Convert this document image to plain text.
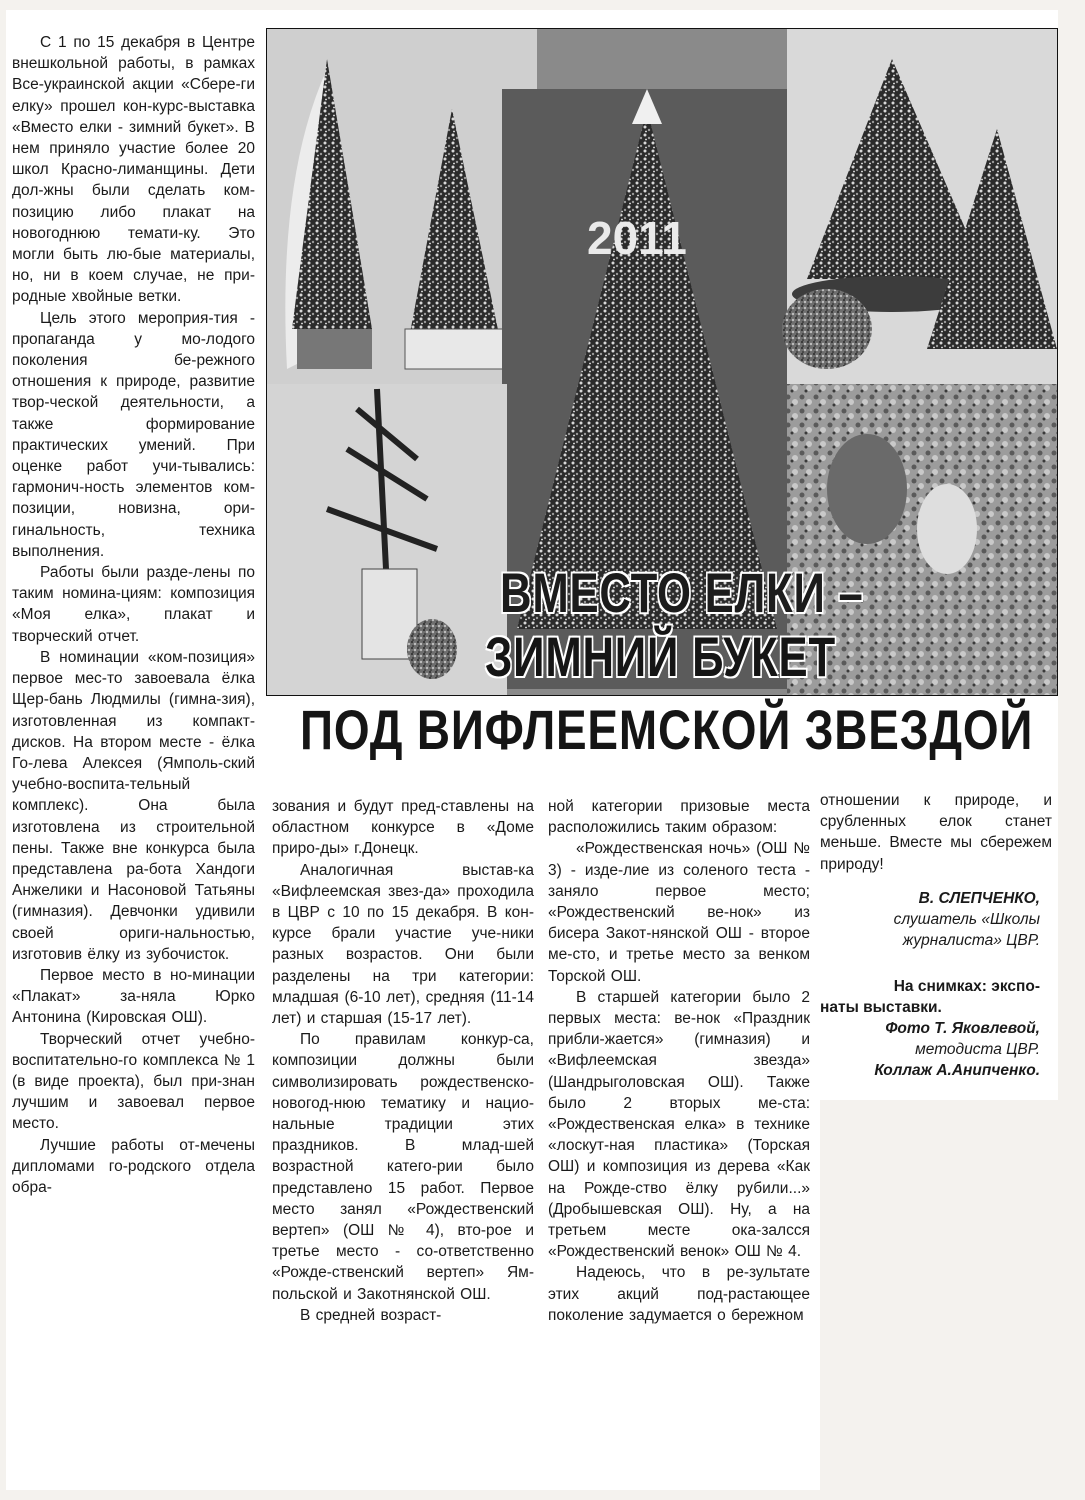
С 1 по 15 декабря в Центре внешкольной работы, в рамках Все-украинской акции «Сбере-ги елку» прошел кон-курс-выставка «Вместо елки - зимний букет». В нем приняло участие более 20 школ Красно-лиманщины. Дети дол-жны были сделать ком-позицию либо плакат на новогоднюю темати-ку. Это могли быть лю-бые материалы, но, ни в коем случае, не при-родные хвойные ветки.

Цель этого мероприя-тия - пропаганда у мо-лодого поколения бе-режного отношения к природе, развитие твор-ческой деятельности, а также формирование практических умений. При оценке работ учи-тывались: гармонич-ность элементов ком-позиции, новизна, ори-гинальность, техника выполнения.

Работы были разде-лены по таким номина-циям: композиция «Моя елка», плакат и творческий отчет.

В номинации «ком-позиция» первое мес-то завоевала ёлка Щер-бань Людмилы (гимна-зия), изготовленная из компакт-дисков. На втором месте - ёлка Го-лева Алексея (Ямполь-ский учебно-воспита-тельный комплекс). Она была изготовлена из строительной пены. Также вне конкурса была представлена ра-бота Хандоги Анжелики и Насоновой Татьяны (гимназия). Девчонки удивили своей ориги-нальностью, изготовив ёлку из зубочисток.

Первое место в но-минации «Плакат» за-няла Юрко Антонина (Кировская ОШ).

Творческий отчет учебно-воспитательно-го комплекса № 1 (в виде проекта), был при-знан лучшим и завоевал первое место.

Лучшие работы от-мечены дипломами го-родского отдела обра-

2011
ВМЕСТО ЕЛКИ –
ЗИМНИЙ БУКЕТ
ПОД ВИФЛЕЕМСКОЙ ЗВЕЗДОЙ

зования и будут пред-ставлены на областном конкурсе в «Доме приро-ды» г.Донецк.

Аналогичная выстав-ка «Вифлеемская звез-да» проходила в ЦВР с 10 по 15 декабря. В кон-курсе брали участие уче-ники разных возрастов. Они были разделены на три категории: младшая (6-10 лет), средняя (11-14 лет) и старшая (15-17 лет).

По правилам конкур-са, композиции должны были символизировать рождественско-новогод-нюю тематику и нацио-нальные традиции этих праздников. В млад-шей возрастной катего-рии было представлено 15 работ. Первое место занял «Рождественский вертеп» (ОШ № 4), вто-рое и третье место - со-ответственно «Рожде-ственский вертеп» Ям-польской и Закотнянской ОШ.

В средней возраст-

ной категории призовые места расположились таким образом:

«Рождественская ночь» (ОШ № 3) - изде-лие из соленого теста - заняло первое место; «Рождественский ве-нок» из бисера Закот-нянской ОШ - второе ме-сто, и третье место за венком Торской ОШ.

В старшей категории было 2 первых места: ве-нок «Праздник прибли-жается» (гимназия) и «Вифлеемская звезда» (Шандрыголовская ОШ). Также было 2 вторых ме-ста: «Рождественская елка» в технике «лоскут-ная пластика» (Торская ОШ) и композиция из дерева «Как на Рожде-ство ёлку рубили...» (Дробышевская ОШ). Ну, а на третьем месте ока-залсся «Рождественский венок» ОШ № 4.

Надеюсь, что в ре-зультате этих акций под-растающее поколение задумается о бережном

отношении к природе, и срубленных елок станет меньше. Вместе мы сбережем природу!

В. СЛЕПЧЕНКО,
слушатель «Школы
журналиста» ЦВР.
На снимках: экспо-
наты выставки.
Фото Т. Яковлевой,
методиста ЦВР.
Коллаж А.Анипченко.
